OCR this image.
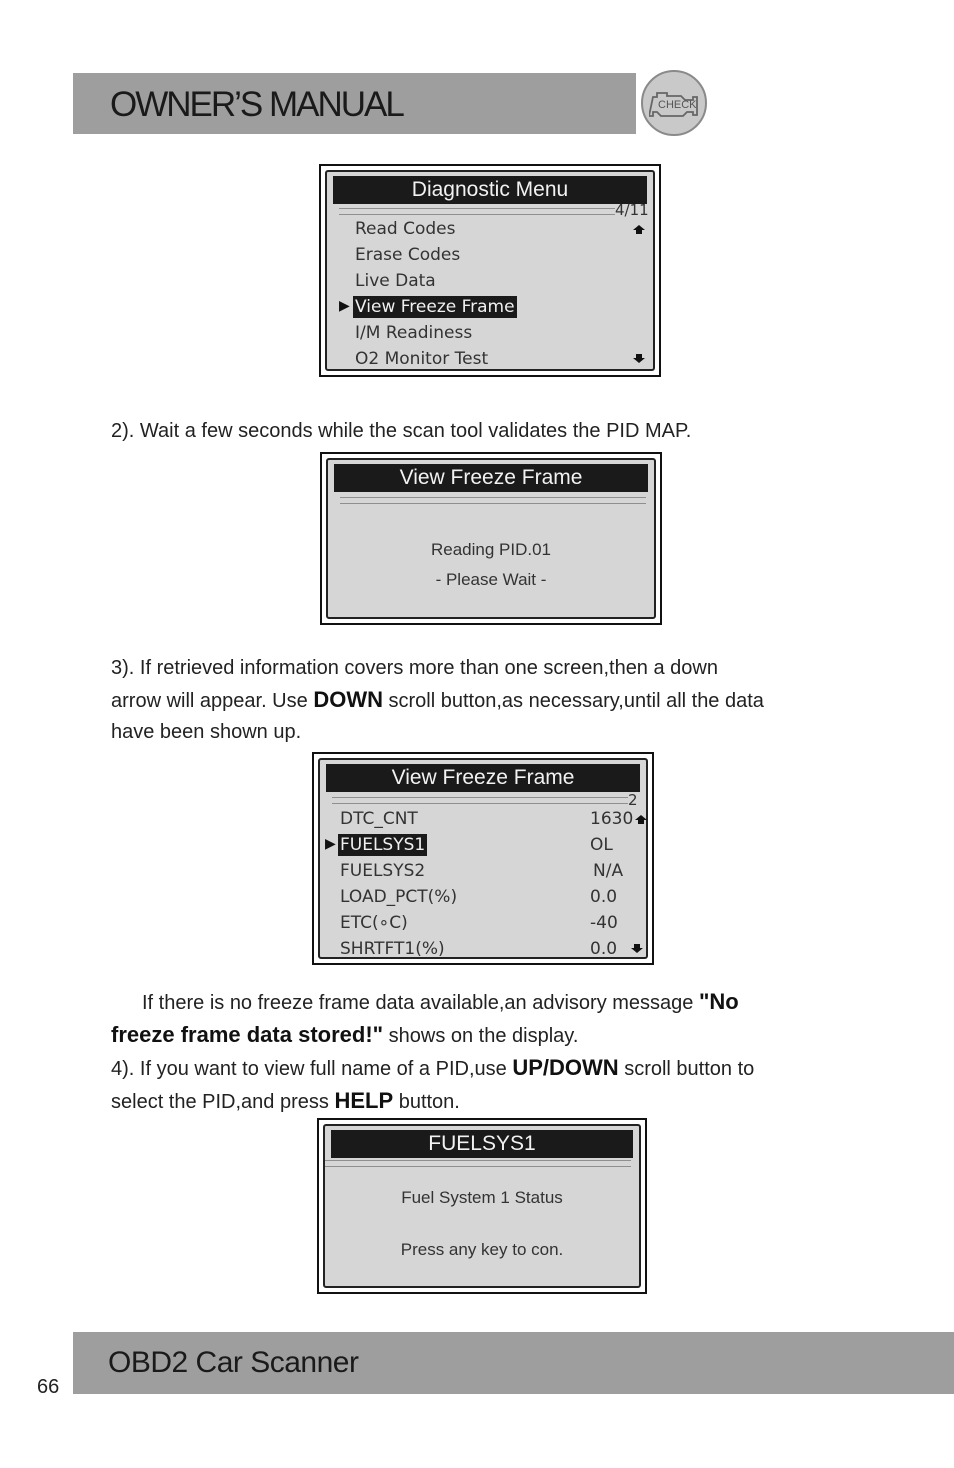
OWNER’S MANUAL	CHECK
Diagnostic Menu
4/11
Read Codes
Erase Codes
Live Data
▶ View Freeze Frame
I/M Readiness
O2 Monitor Test
2). Wait a few seconds while the scan tool validates the PID MAP.
View Freeze Frame
Reading PID.01
- Please Wait -
3). If retrieved information covers more than one screen,then a down
arrow will appear. Use DOWN scroll button,as necessary,until all the data
have been shown up.
View Freeze Frame
2
DTC_CNT	1630
▶ FUELSYS1	OL
FUELSYS2	N/A
LOAD_PCT(%)	0.0
ETC(∘C)	-40
SHRTFT1(%)	0.0
If there is no freeze frame data available,an advisory message "No
freeze frame data stored!" shows on the display.
4). If you want to view full name of a PID,use UP/DOWN scroll button to
select the PID,and press HELP button.
FUELSYS1
Fuel System 1 Status
Press any key to con.
OBD2 Car Scanner
66
